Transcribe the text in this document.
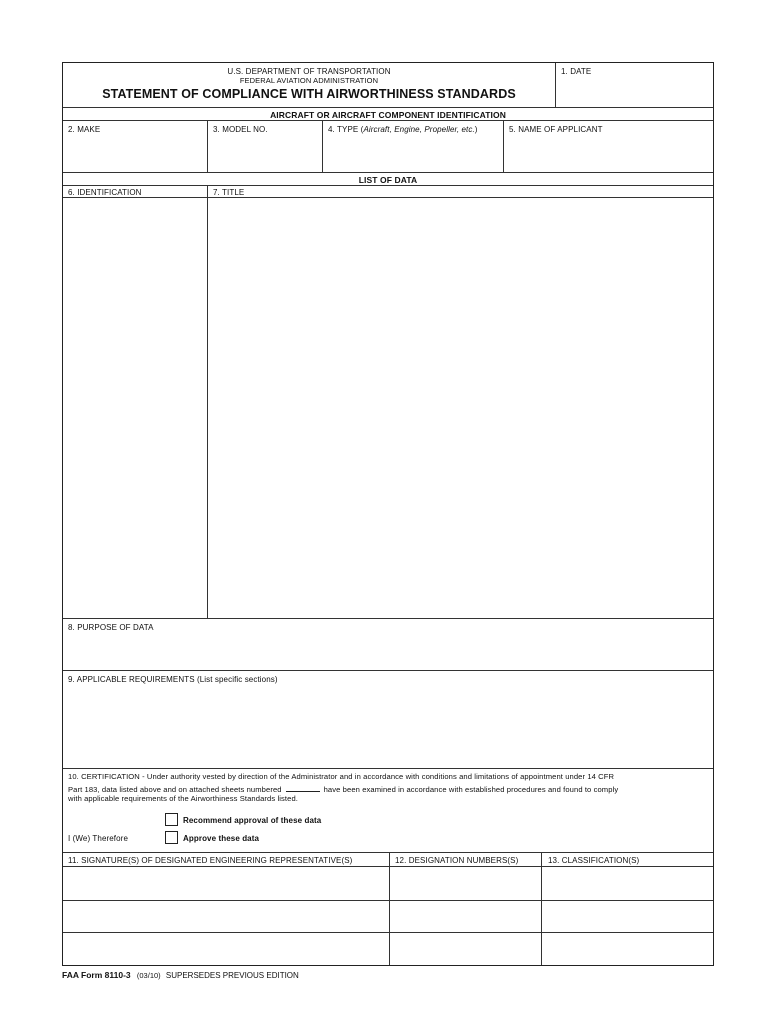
U.S. DEPARTMENT OF TRANSPORTATION
FEDERAL AVIATION ADMINISTRATION
STATEMENT OF COMPLIANCE WITH AIRWORTHINESS STANDARDS
1. DATE
AIRCRAFT OR AIRCRAFT COMPONENT IDENTIFICATION
2. MAKE	3. MODEL NO.	4. TYPE (Aircraft, Engine, Propeller, etc.)	5. NAME OF APPLICANT
LIST OF DATA
6. IDENTIFICATION	7. TITLE
8. PURPOSE OF DATA
9. APPLICABLE REQUIREMENTS (List specific sections)
10. CERTIFICATION - Under authority vested by direction of the Administrator and in accordance with conditions and limitations of appointment under 14 CFR
Part 183, data listed above and on attached sheets numbered	have been examined in accordance with established procedures and found to comply
with applicable requirements of the Airworthiness Standards listed.
Recommend approval of these data
I (We) Therefore	Approve these data
11. SIGNATURE(S) OF DESIGNATED ENGINEERING REPRESENTATIVE(S)	12. DESIGNATION NUMBERS(S)	13. CLASSIFICATION(S)
FAA Form 8110-3 (03/10) SUPERSEDES PREVIOUS EDITION
